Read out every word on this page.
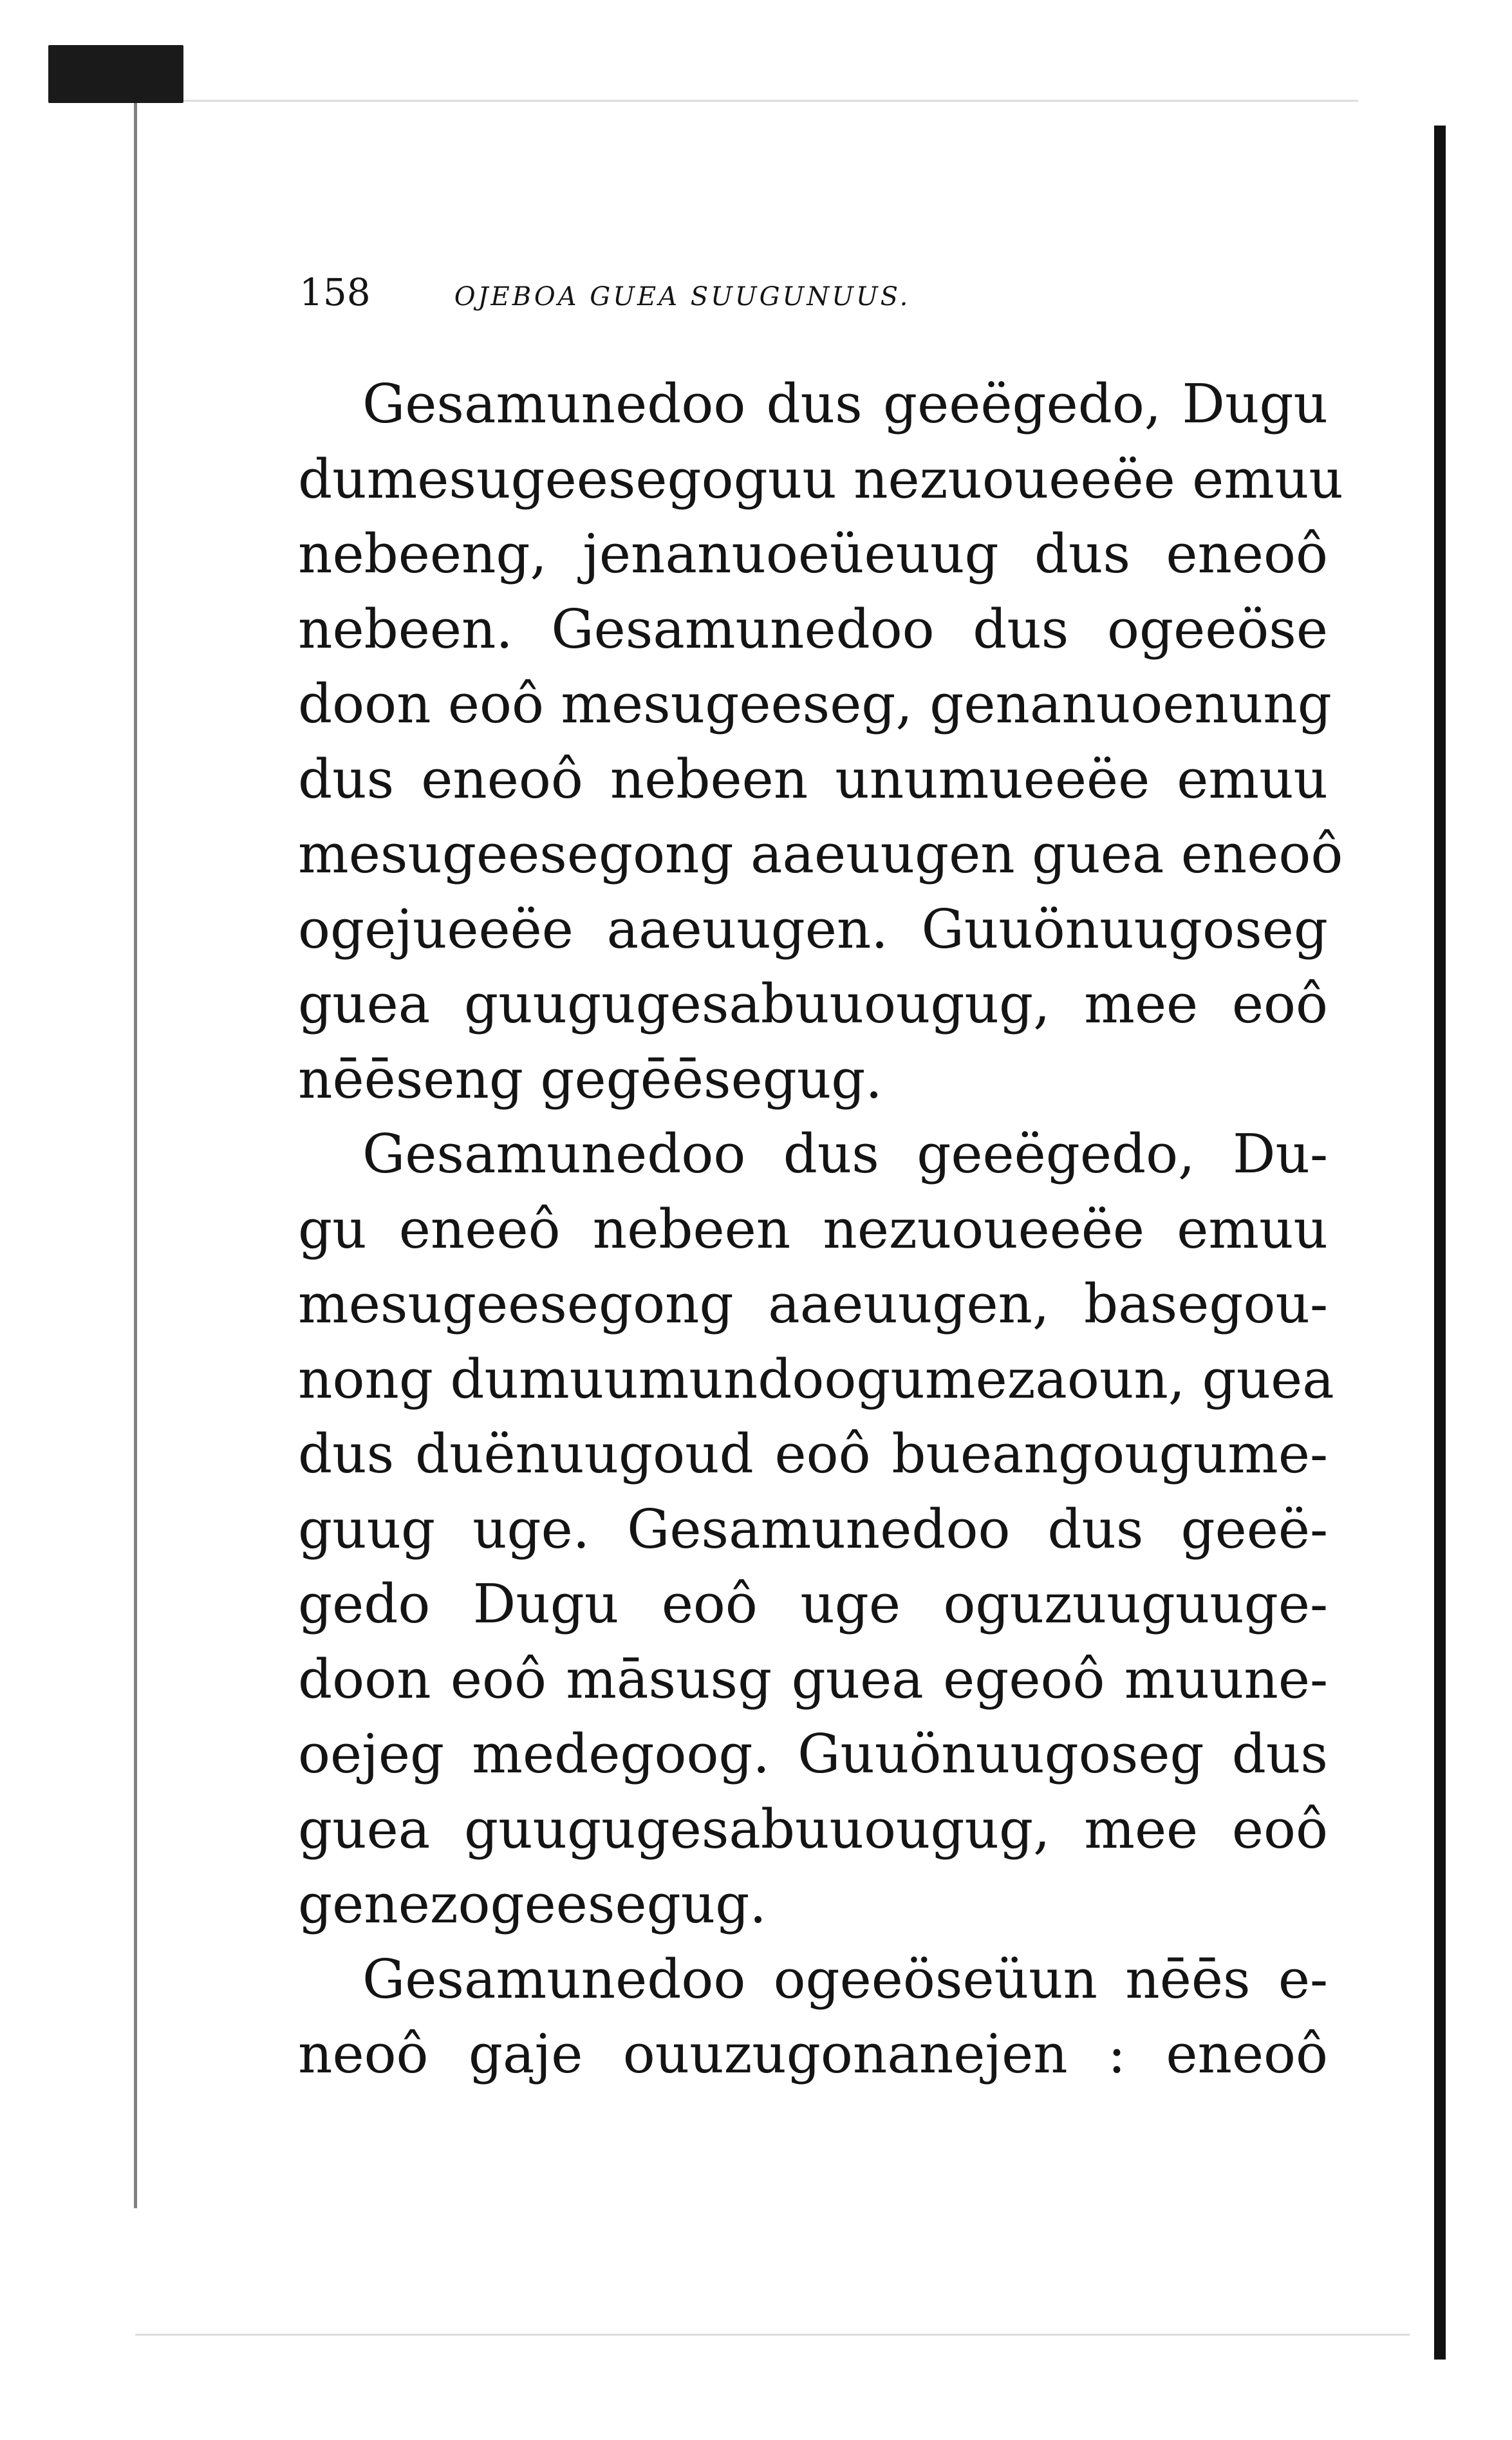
158	OJEBOA GUEA SUUGUNUUS.
Gesamunedoo dus geeëgedo, Dugu
dumesugeesegoguu nezuoueeëe emuu
nebeeng, jenanuoeüeuug dus eneoô
nebeen. Gesamunedoo dus ogeeöse
doon eoô mesugeeseg, genanuoenung
dus eneoô nebeen unumueeëe emuu
mesugeesegong aaeuugen guea eneoô
ogejueeëe aaeuugen. Guuönuugoseg
guea guugugesabuuougug, mee eoô
nēēseng gegēēsegug.
Gesamunedoo dus geeëgedo, Du-
gu eneeô nebeen nezuoueeëe emuu
mesugeesegong aaeuugen, basegou-
nong dumuumundoogumezaoun, guea
dus duënuugoud eoô bueangougume-
guug uge. Gesamunedoo dus geeë-
gedo Dugu eoô uge oguzuuguuge-
doon eoô māsusg guea egeoô muune-
oejeg medegoog. Guuönuugoseg dus
guea guugugesabuuougug, mee eoô
genezogeesegug.
Gesamunedoo ogeeöseüun nēēs e-
neoô gaje ouuzugonanejen : eneoô
